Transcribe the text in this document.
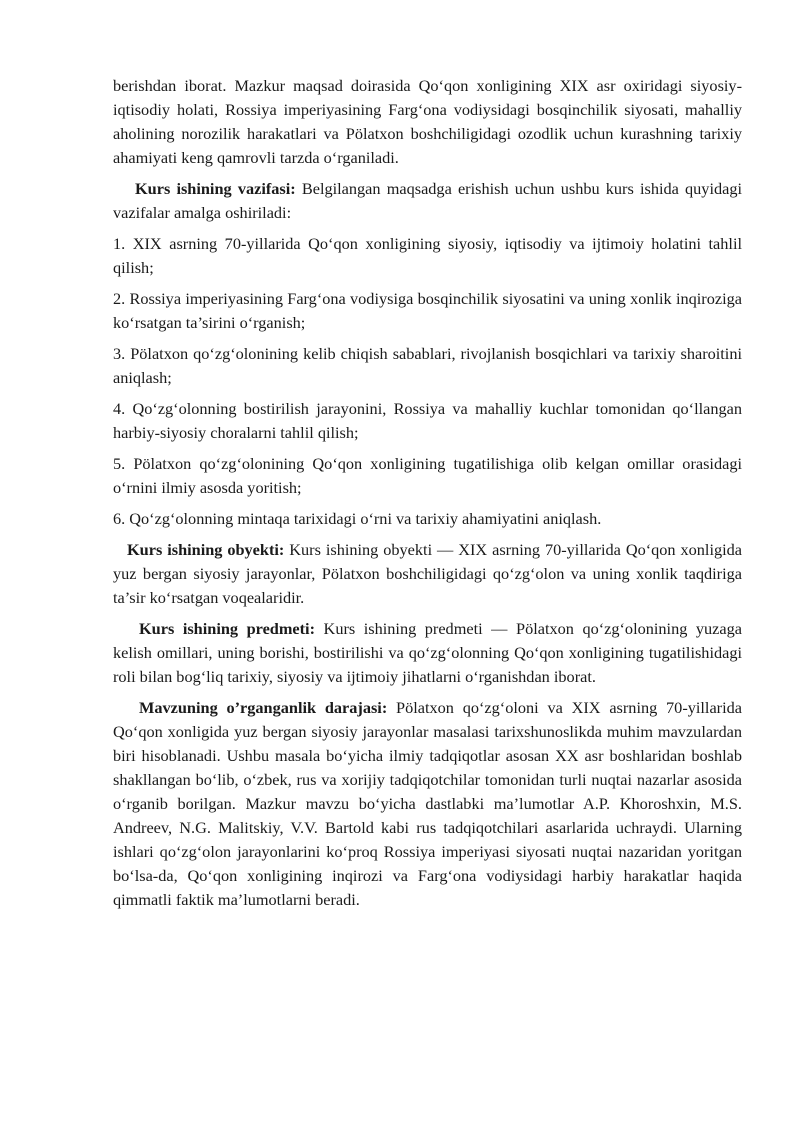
berishdan iborat. Mazkur maqsad doirasida Qo‘qon xonligining XIX asr oxiridagi siyosiy-iqtisodiy holati, Rossiya imperiyasining Farg‘ona vodiysidagi bosqinchilik siyosati, mahalliy aholining norozilik harakatlari va Pölatxon boshchiligidagi ozodlik uchun kurashning tarixiy ahamiyati keng qamrovli tarzda o‘rganiladi.

Kurs ishining vazifasi: Belgilangan maqsadga erishish uchun ushbu kurs ishida quyidagi vazifalar amalga oshiriladi:

1. XIX asrning 70-yillarida Qo‘qon xonligining siyosiy, iqtisodiy va ijtimoiy holatini tahlil qilish;

2. Rossiya imperiyasining Farg‘ona vodiysiga bosqinchilik siyosatini va uning xonlik inqiroziga ko‘rsatgan ta’sirini o‘rganish;

3. Pölatxon qo‘zg‘olonining kelib chiqish sabablari, rivojlanish bosqichlari va tarixiy sharoitini aniqlash;

4. Qo‘zg‘olonning bostirilish jarayonini, Rossiya va mahalliy kuchlar tomonidan qo‘llangan harbiy-siyosiy choralarni tahlil qilish;

5. Pölatxon qo‘zg‘olonining Qo‘qon xonligining tugatilishiga olib kelgan omillar orasidagi o‘rnini ilmiy asosda yoritish;

6. Qo‘zg‘olonning mintaqa tarixidagi o‘rni va tarixiy ahamiyatini aniqlash.

Kurs ishining obyekti: Kurs ishining obyekti — XIX asrning 70-yillarida Qo‘qon xonligida yuz bergan siyosiy jarayonlar, Pölatxon boshchiligidagi qo‘zg‘olon va uning xonlik taqdiriga ta’sir ko‘rsatgan voqealaridir.

Kurs ishining predmeti: Kurs ishining predmeti — Pölatxon qo‘zg‘olonining yuzaga kelish omillari, uning borishi, bostirilishi va qo‘zg‘olonning Qo‘qon xonligining tugatilishidagi roli bilan bog‘liq tarixiy, siyosiy va ijtimoiy jihatlarni o‘rganishdan iborat.

Mavzuning o’rganganlik darajasi: Pölatxon qo‘zg‘oloni va XIX asrning 70-yillarida Qo‘qon xonligida yuz bergan siyosiy jarayonlar masalasi tarixshunoslikda muhim mavzulardan biri hisoblanadi. Ushbu masala bo‘yicha ilmiy tadqiqotlar asosan XX asr boshlaridan boshlab shakllangan bo‘lib, o‘zbek, rus va xorijiy tadqiqotchilar tomonidan turli nuqtai nazarlar asosida o‘rganib borilgan. Mazkur mavzu bo‘yicha dastlabki ma’lumotlar A.P. Khoroshxin, M.S. Andreev, N.G. Malitskiy, V.V. Bartold kabi rus tadqiqotchilari asarlarida uchraydi. Ularning ishlari qo‘zg‘olon jarayonlarini ko‘proq Rossiya imperiyasi siyosati nuqtai nazaridan yoritgan bo‘lsa-da, Qo‘qon xonligining inqirozi va Farg‘ona vodiysidagi harbiy harakatlar haqida qimmatli faktik ma’lumotlarni beradi.
